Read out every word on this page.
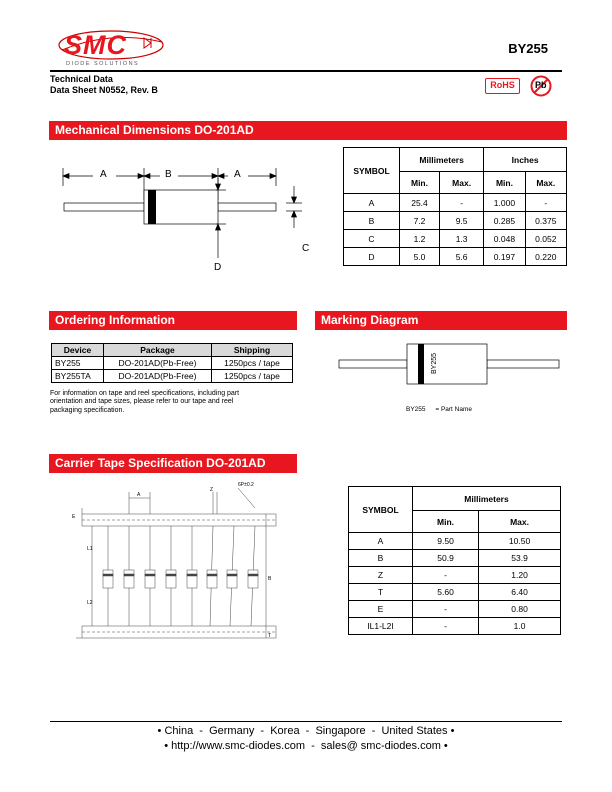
SMC
DIODE SOLUTIONS
BY255
Technical Data
Data Sheet N0552, Rev. B	RoHS	Pb
Mechanical Dimensions DO-201AD
A	B	A
C
D
SYMBOL	Millimeters		Inches	
	Min.	Max.	Min.	Max.
A	25.4	-	1.000	-
B	7.2	9.5	0.285	0.375
C	1.2	1.3	0.048	0.052
D	5.0	5.6	0.197	0.220
Ordering Information
Device	Package	Shipping
BY255	DO-201AD(Pb-Free)	1250pcs / tape
BY255TA	DO-201AD(Pb-Free)	1250pcs / tape
For information on tape and reel specifications, including part
orientation and tape sizes, please refer to our tape and reel
packaging specification.
Marking Diagram
BY255
BY255 = Part Name
Carrier Tape Specification DO-201AD
E
A
Z
6P±0.2
L1
L2
B
T
SYMBOL	Millimeters	
	Min.	Max.
A	9.50	10.50
B	50.9	53.9
Z	-	1.20
T	5.60	6.40
E	-	0.80
IL1-L2I	-	1.0
• China  -  Germany  -  Korea  -  Singapore  -  United States •
• http://www.smc-diodes.com  -  sales@ smc-diodes.com •
